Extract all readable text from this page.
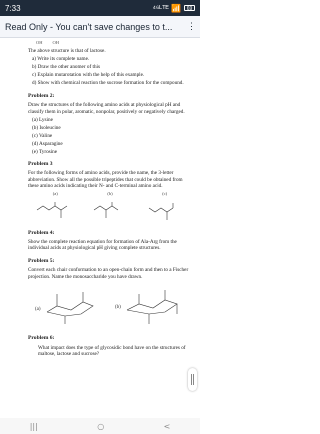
7:33	⁴⁶ᴸᵀᴱ 📶	69
Read Only - You can't save changes to t...	⋮
OH OH

The above structure is that of lactose.

a) Write its complete name.

b) Draw the other anomer of this

c) Explain mutarotation with the help of this example.

d) Show with chemical reaction the sucrose formation for the compound.

Problem 2:

Draw the structures of the following amino acids at physiological pH and classify them in polar, aromatic, nonpolar, positively or negatively charged.

(a) Lysine

(b) Isoleucine

(c) Valine

(d) Asparagine

(e) Tyrosine

Problem 3

For the following forms of amino acids, provide the name, the 3-letter abbreviation. Show all the possible tripeptides that could be obtained from these amino acids indicating their N- and C-terminal amino acid.

(a)	(b)	(c)

Problem 4:

Show the complete reaction equation for formation of Ala-Arg from the individual acids at physiological pH giving complete structures.

Problem 5:

Convert each chair conformation to an open-chain form and then to a Fischer projection. Name the monosaccharide you have drawn.

(a)	(b)

Problem 6:

What impact does the type of glycosidic bond have on the structures of maltose, lactose and sucrose?

|||	○	<
